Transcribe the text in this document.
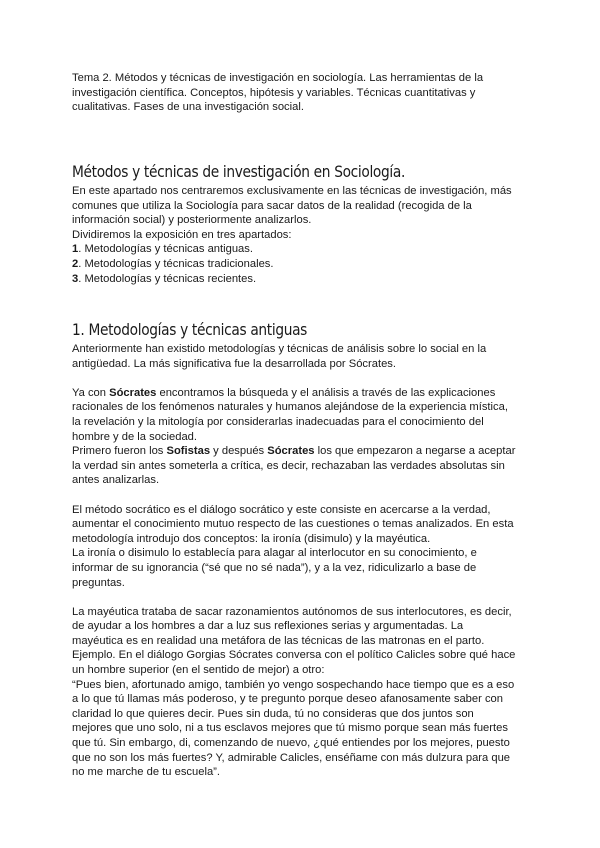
Tema 2. Métodos y técnicas de investigación en sociología. Las herramientas de la investigación científica. Conceptos, hipótesis y variables. Técnicas cuantitativas y cualitativas. Fases de una investigación social.

Métodos y técnicas de investigación en Sociología.

En este apartado nos centraremos exclusivamente en las técnicas de investigación, más comunes que utiliza la Sociología para sacar datos de la realidad (recogida de la información social) y posteriormente analizarlos.

Dividiremos la exposición en tres apartados:

1. Metodologías y técnicas antiguas.

2. Metodologías y técnicas tradicionales.

3. Metodologías y técnicas recientes.

1. Metodologías y técnicas antiguas

Anteriormente han existido metodologías y técnicas de análisis sobre lo social en la antigüedad. La más significativa fue la desarrollada por Sócrates.

Ya con Sócrates encontramos la búsqueda y el análisis a través de las explicaciones racionales de los fenómenos naturales y humanos alejándose de la experiencia mística, la revelación y la mitología por considerarlas inadecuadas para el conocimiento del hombre y de la sociedad.

Primero fueron los Sofistas y después Sócrates los que empezaron a negarse a aceptar la verdad sin antes someterla a crítica, es decir, rechazaban las verdades absolutas sin antes analizarlas.

El método socrático es el diálogo socrático y este consiste en acercarse a la verdad, aumentar el conocimiento mutuo respecto de las cuestiones o temas analizados. En esta metodología introdujo dos conceptos: la ironía (disimulo) y la mayéutica.

La ironía o disimulo lo establecía para alagar al interlocutor en su conocimiento, e informar de su ignorancia (“sé que no sé nada”), y a la vez, ridiculizarlo a base de preguntas.

La mayéutica trataba de sacar razonamientos autónomos de sus interlocutores, es decir, de ayudar a los hombres a dar a luz sus reflexiones serias y argumentadas. La mayéutica es en realidad una metáfora de las técnicas de las matronas en el parto. Ejemplo. En el diálogo Gorgias Sócrates conversa con el político Calicles sobre qué hace un hombre superior (en el sentido de mejor) a otro:

“Pues bien, afortunado amigo, también yo vengo sospechando hace tiempo que es a eso a lo que tú llamas más poderoso, y te pregunto porque deseo afanosamente saber con claridad lo que quieres decir. Pues sin duda, tú no consideras que dos juntos son mejores que uno solo, ni a tus esclavos mejores que tú mismo porque sean más fuertes que tú. Sin embargo, di, comenzando de nuevo, ¿qué entiendes por los mejores, puesto que no son los más fuertes? Y, admirable Calicles, enséñame con más dulzura para que no me marche de tu escuela”.
